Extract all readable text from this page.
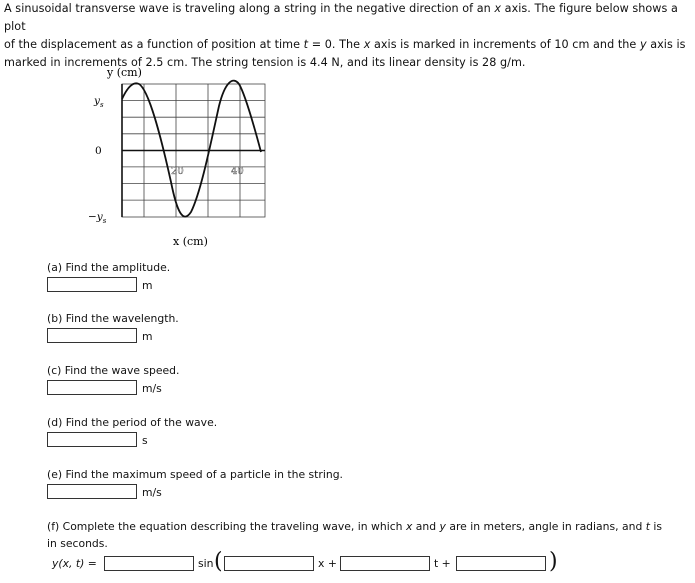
A sinusoidal transverse wave is traveling along a string in the negative direction of an x axis. The figure below shows a plot
of the displacement as a function of position at time t = 0. The x axis is marked in increments of 10 cm and the y axis is
marked in increments of 2.5 cm. The string tension is 4.4 N, and its linear density is 28 g/m.
y (cm)
$y_s$
0
$-y_s$
20	40
x (cm)
(a) Find the amplitude.
m
(b) Find the wavelength.
m
(c) Find the wave speed.
m/s
(d) Find the period of the wave.
s
(e) Find the maximum speed of a particle in the string.
m/s
(f) Complete the equation describing the traveling wave, in which x and y are in meters, angle in radians, and t is
in seconds.
y(x, t) =	sin (	x +	t +	)
